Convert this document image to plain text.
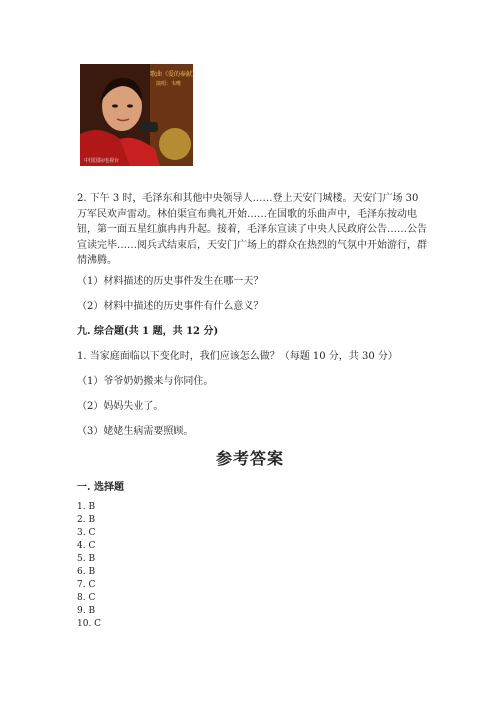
歌曲《爱的奉献》
演唱：韦唯
中国国际电视台
2. 下午 3 时，毛泽东和其他中央领导人……登上天安门城楼。天安门广场 30 万军民欢声雷动。林伯渠宣布典礼开始……在国歌的乐曲声中，毛泽东按动电钮，第一面五星红旗冉冉升起。接着，毛泽东宣读了中央人民政府公告……公告宣读完毕……阅兵式结束后，天安门广场上的群众在热烈的气氛中开始游行，群情沸腾。
（1）材料描述的历史事件发生在哪一天？
（2）材料中描述的历史事件有什么意义？
九. 综合题(共 1 题，共 12 分)
1. 当家庭面临以下变化时，我们应该怎么做？（每题 10 分，共 30 分）
（1）爷爷奶奶搬来与你同住。
（2）妈妈失业了。
（3）姥姥生病需要照顾。
参考答案
一. 选择题
1. B
2. B
3. C
4. C
5. B
6. B
7. C
8. C
9. B
10. C
